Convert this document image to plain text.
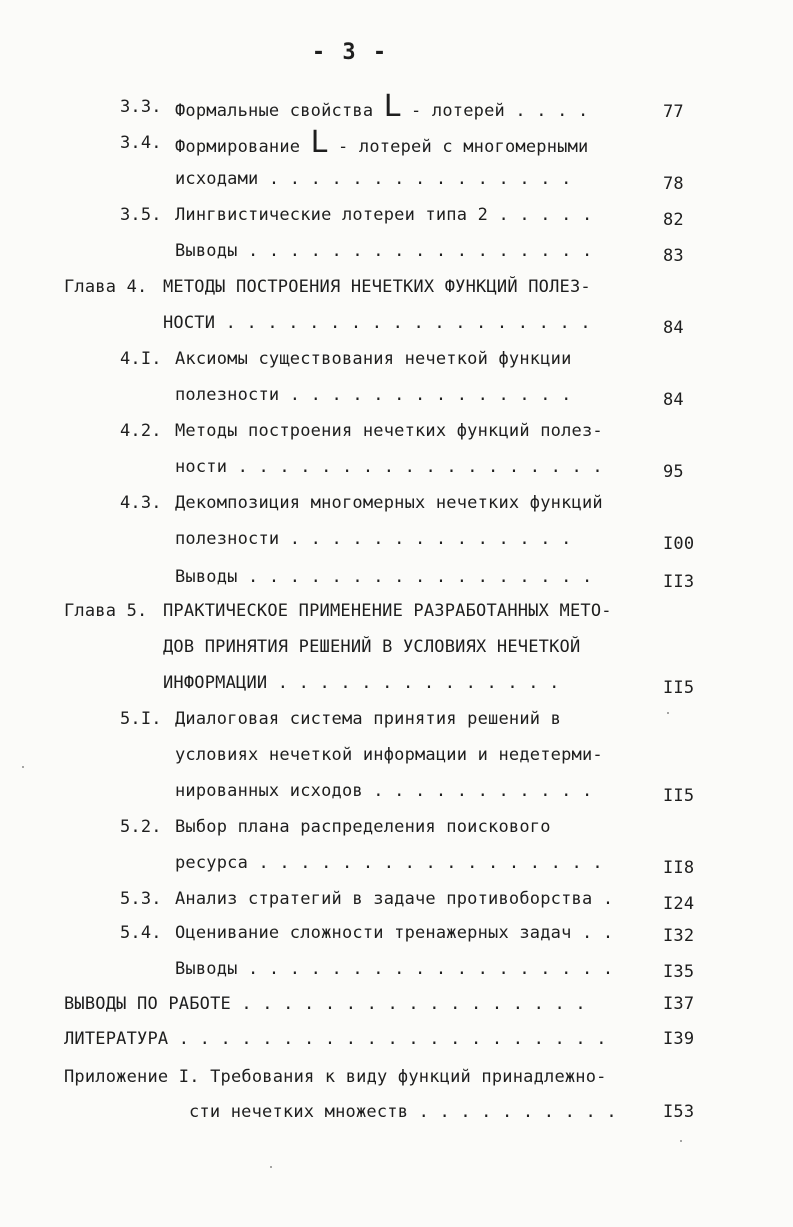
- 3 -
3.3. Формальные свойства L - лотерей . . . .	77
3.4. Формирование L - лотерей с многомерными
исходами . . . . . . . . . . . . . . .	78
3.5. Лингвистические лотереи типа 2 . . . . .	82
Выводы . . . . . . . . . . . . . . . . .	83
Глава 4. МЕТОДЫ ПОСТРОЕНИЯ НЕЧЕТКИХ ФУНКЦИЙ ПОЛЕЗ-
НОСТИ . . . . . . . . . . . . . . . . . .	84
4.I. Аксиомы существования нечеткой функции
полезности . . . . . . . . . . . . . .	84
4.2. Методы построения нечетких функций полез-
ности . . . . . . . . . . . . . . . . . .	95
4.3. Декомпозиция многомерных нечетких функций
полезности . . . . . . . . . . . . . .	I00
Выводы . . . . . . . . . . . . . . . . .	II3
Глава 5. ПРАКТИЧЕСКОЕ ПРИМЕНЕНИЕ РАЗРАБОТАННЫХ МЕТО-
ДОВ ПРИНЯТИЯ РЕШЕНИЙ В УСЛОВИЯХ НЕЧЕТКОЙ
ИНФОРМАЦИИ . . . . . . . . . . . . . .	II5
5.I. Диалоговая система принятия решений в
условиях нечеткой информации и недетерми-
нированных исходов . . . . . . . . . . .	II5
5.2. Выбор плана распределения поискового
ресурса . . . . . . . . . . . . . . . . .	II8
5.3. Анализ стратегий в задаче противоборства .	I24
5.4. Оценивание сложности тренажерных задач . .	I32
Выводы . . . . . . . . . . . . . . . . . .	I35
ВЫВОДЫ ПО РАБОТЕ . . . . . . . . . . . . . . . . .	I37
ЛИТЕРАТУРА . . . . . . . . . . . . . . . . . . . . .	I39
Приложение I. Требования к виду функций принадлежно-
сти нечетких множеств . . . . . . . . . .	I53
